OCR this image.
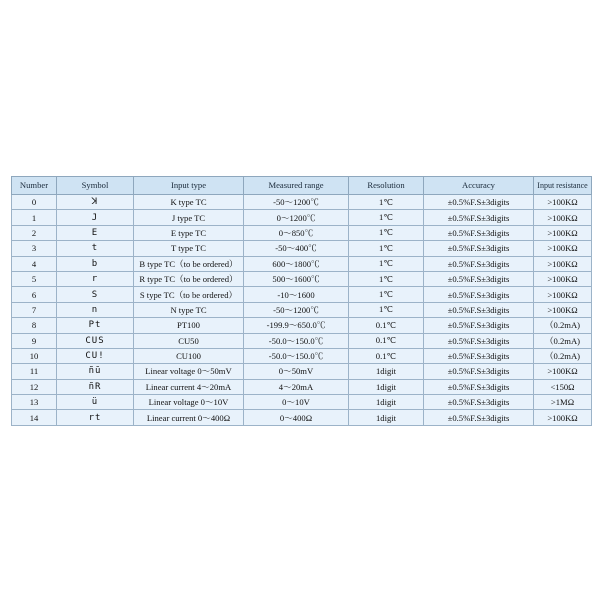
Number	Symbol	Input type	Measured range	Resolution	Accuracy	Input resistance
0	ꓘ	K type TC	-50～1200℃	1℃	±0.5%F.S±3digits	>100KΩ
1	J	J type TC	0～1200℃	1℃	±0.5%F.S±3digits	>100KΩ
2	E	E type TC	0～850℃	1℃	±0.5%F.S±3digits	>100KΩ
3	t	T type TC	-50～400℃	1℃	±0.5%F.S±3digits	>100KΩ
4	b	B type TC（to be ordered）	600～1800℃	1℃	±0.5%F.S±3digits	>100KΩ
5	r	R type TC（to be ordered）	500～1600℃	1℃	±0.5%F.S±3digits	>100KΩ
6	S	S type TC（to be ordered）	-10～1600	1℃	±0.5%F.S±3digits	>100KΩ
7	n	N type TC	-50～1200℃	1℃	±0.5%F.S±3digits	>100KΩ
8	Pt	PT100	-199.9～650.0℃	0.1℃	±0.5%F.S±3digits	（0.2mA)
9	CUS	CU50	-50.0～150.0℃	0.1℃	±0.5%F.S±3digits	（0.2mA)
10	CU!	CU100	-50.0～150.0℃	0.1℃	±0.5%F.S±3digits	（0.2mA)
11	ñū	Linear voltage 0～50mV	0～50mV	1digit	±0.5%F.S±3digits	>100KΩ
12	ñR	Linear current 4～20mA	4～20mA	1digit	±0.5%F.S±3digits	<150Ω
13	ü	Linear voltage 0～10V	0～10V	1digit	±0.5%F.S±3digits	>1MΩ
14	rt	Linear current 0～400Ω	0～400Ω	1digit	±0.5%F.S±3digits	>100KΩ
